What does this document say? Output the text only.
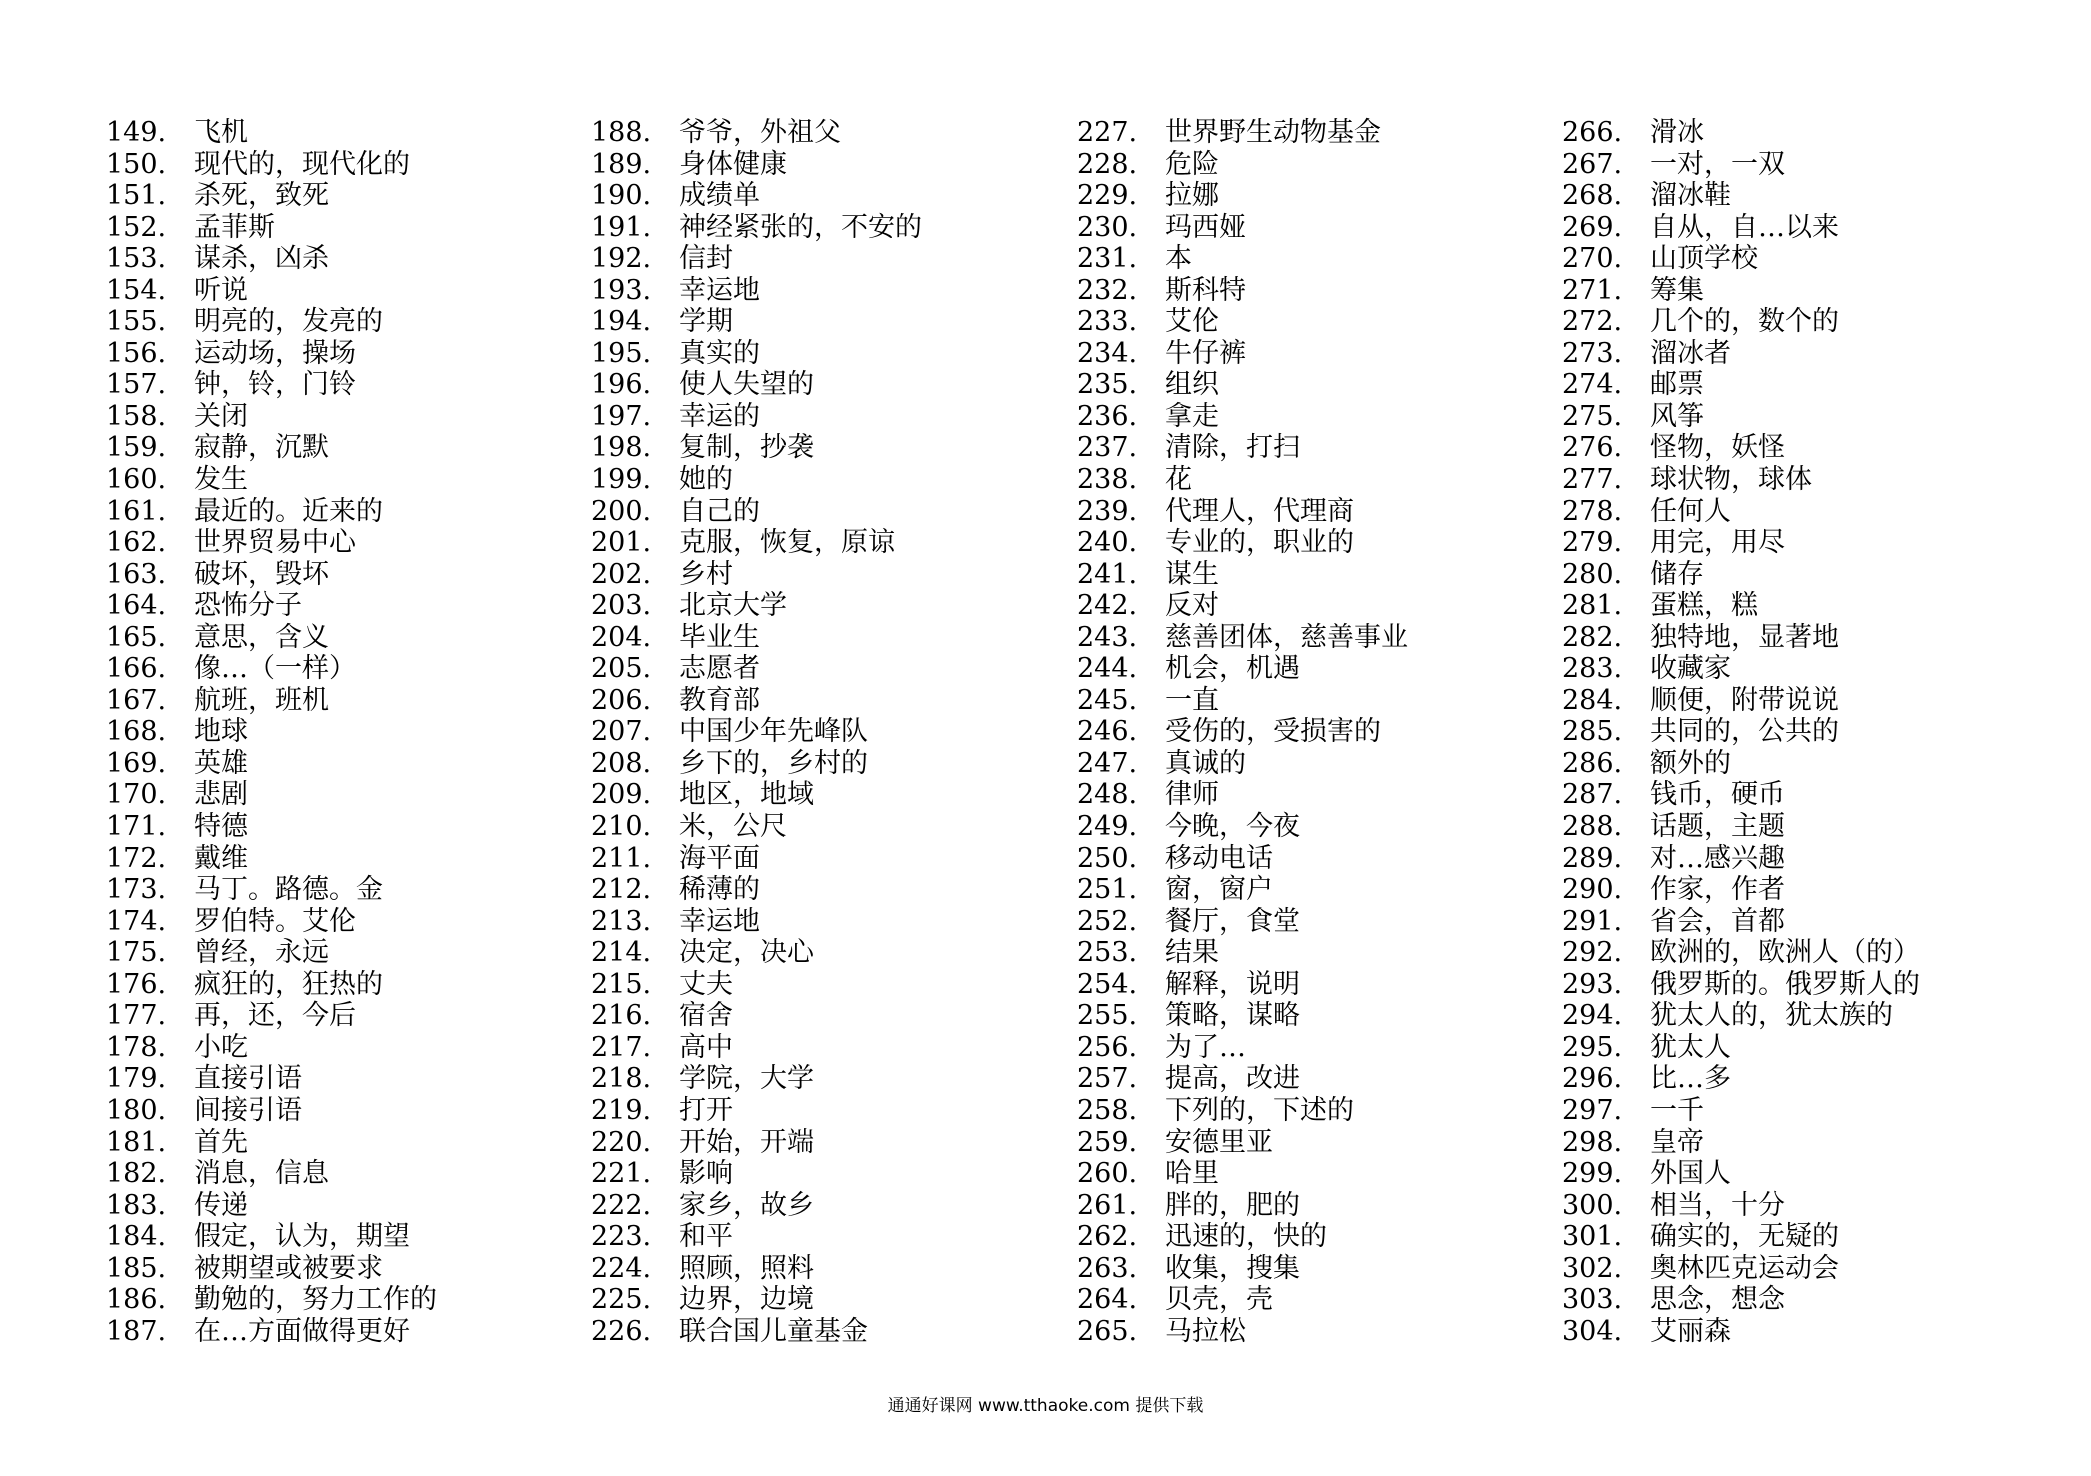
149.	飞机
150.	现代的，现代化的
151.	杀死，致死
152.	孟菲斯
153.	谋杀，凶杀
154.	听说
155.	明亮的，发亮的
156.	运动场，操场
157.	钟，铃，门铃
158.	关闭
159.	寂静，沉默
160.	发生
161.	最近的。近来的
162.	世界贸易中心
163.	破坏，毁坏
164.	恐怖分子
165.	意思，含义
166.	像…（一样）
167.	航班，班机
168.	地球
169.	英雄
170.	悲剧
171.	特德
172.	戴维
173.	马丁。路德。金
174.	罗伯特。艾伦
175.	曾经，永远
176.	疯狂的，狂热的
177.	再，还，今后
178.	小吃
179.	直接引语
180.	间接引语
181.	首先
182.	消息，信息
183.	传递
184.	假定，认为，期望
185.	被期望或被要求
186.	勤勉的，努力工作的
187.	在…方面做得更好
188.	爷爷，外祖父
189.	身体健康
190.	成绩单
191.	神经紧张的，不安的
192.	信封
193.	幸运地
194.	学期
195.	真实的
196.	使人失望的
197.	幸运的
198.	复制，抄袭
199.	她的
200.	自己的
201.	克服，恢复，原谅
202.	乡村
203.	北京大学
204.	毕业生
205.	志愿者
206.	教育部
207.	中国少年先峰队
208.	乡下的，乡村的
209.	地区，地域
210.	米，公尺
211.	海平面
212.	稀薄的
213.	幸运地
214.	决定，决心
215.	丈夫
216.	宿舍
217.	高中
218.	学院，大学
219.	打开
220.	开始，开端
221.	影响
222.	家乡，故乡
223.	和平
224.	照顾，照料
225.	边界，边境
226.	联合国儿童基金
227.	世界野生动物基金
228.	危险
229.	拉娜
230.	玛西娅
231.	本
232.	斯科特
233.	艾伦
234.	牛仔裤
235.	组织
236.	拿走
237.	清除，打扫
238.	花
239.	代理人，代理商
240.	专业的，职业的
241.	谋生
242.	反对
243.	慈善团体，慈善事业
244.	机会，机遇
245.	一直
246.	受伤的，受损害的
247.	真诚的
248.	律师
249.	今晚，今夜
250.	移动电话
251.	窗，窗户
252.	餐厅，食堂
253.	结果
254.	解释，说明
255.	策略，谋略
256.	为了…
257.	提高，改进
258.	下列的，下述的
259.	安德里亚
260.	哈里
261.	胖的，肥的
262.	迅速的，快的
263.	收集，搜集
264.	贝壳，壳
265.	马拉松
266.	滑冰
267.	一对，一双
268.	溜冰鞋
269.	自从，自…以来
270.	山顶学校
271.	筹集
272.	几个的，数个的
273.	溜冰者
274.	邮票
275.	风筝
276.	怪物，妖怪
277.	球状物，球体
278.	任何人
279.	用完，用尽
280.	储存
281.	蛋糕，糕
282.	独特地，显著地
283.	收藏家
284.	顺便，附带说说
285.	共同的，公共的
286.	额外的
287.	钱币，硬币
288.	话题，主题
289.	对…感兴趣
290.	作家，作者
291.	省会，首都
292.	欧洲的，欧洲人（的）
293.	俄罗斯的。俄罗斯人的
294.	犹太人的，犹太族的
295.	犹太人
296.	比…多
297.	一千
298.	皇帝
299.	外国人
300.	相当，十分
301.	确实的，无疑的
302.	奥林匹克运动会
303.	思念，想念
304.	艾丽森
通通好课网 www.tthaoke.com 提供下载
